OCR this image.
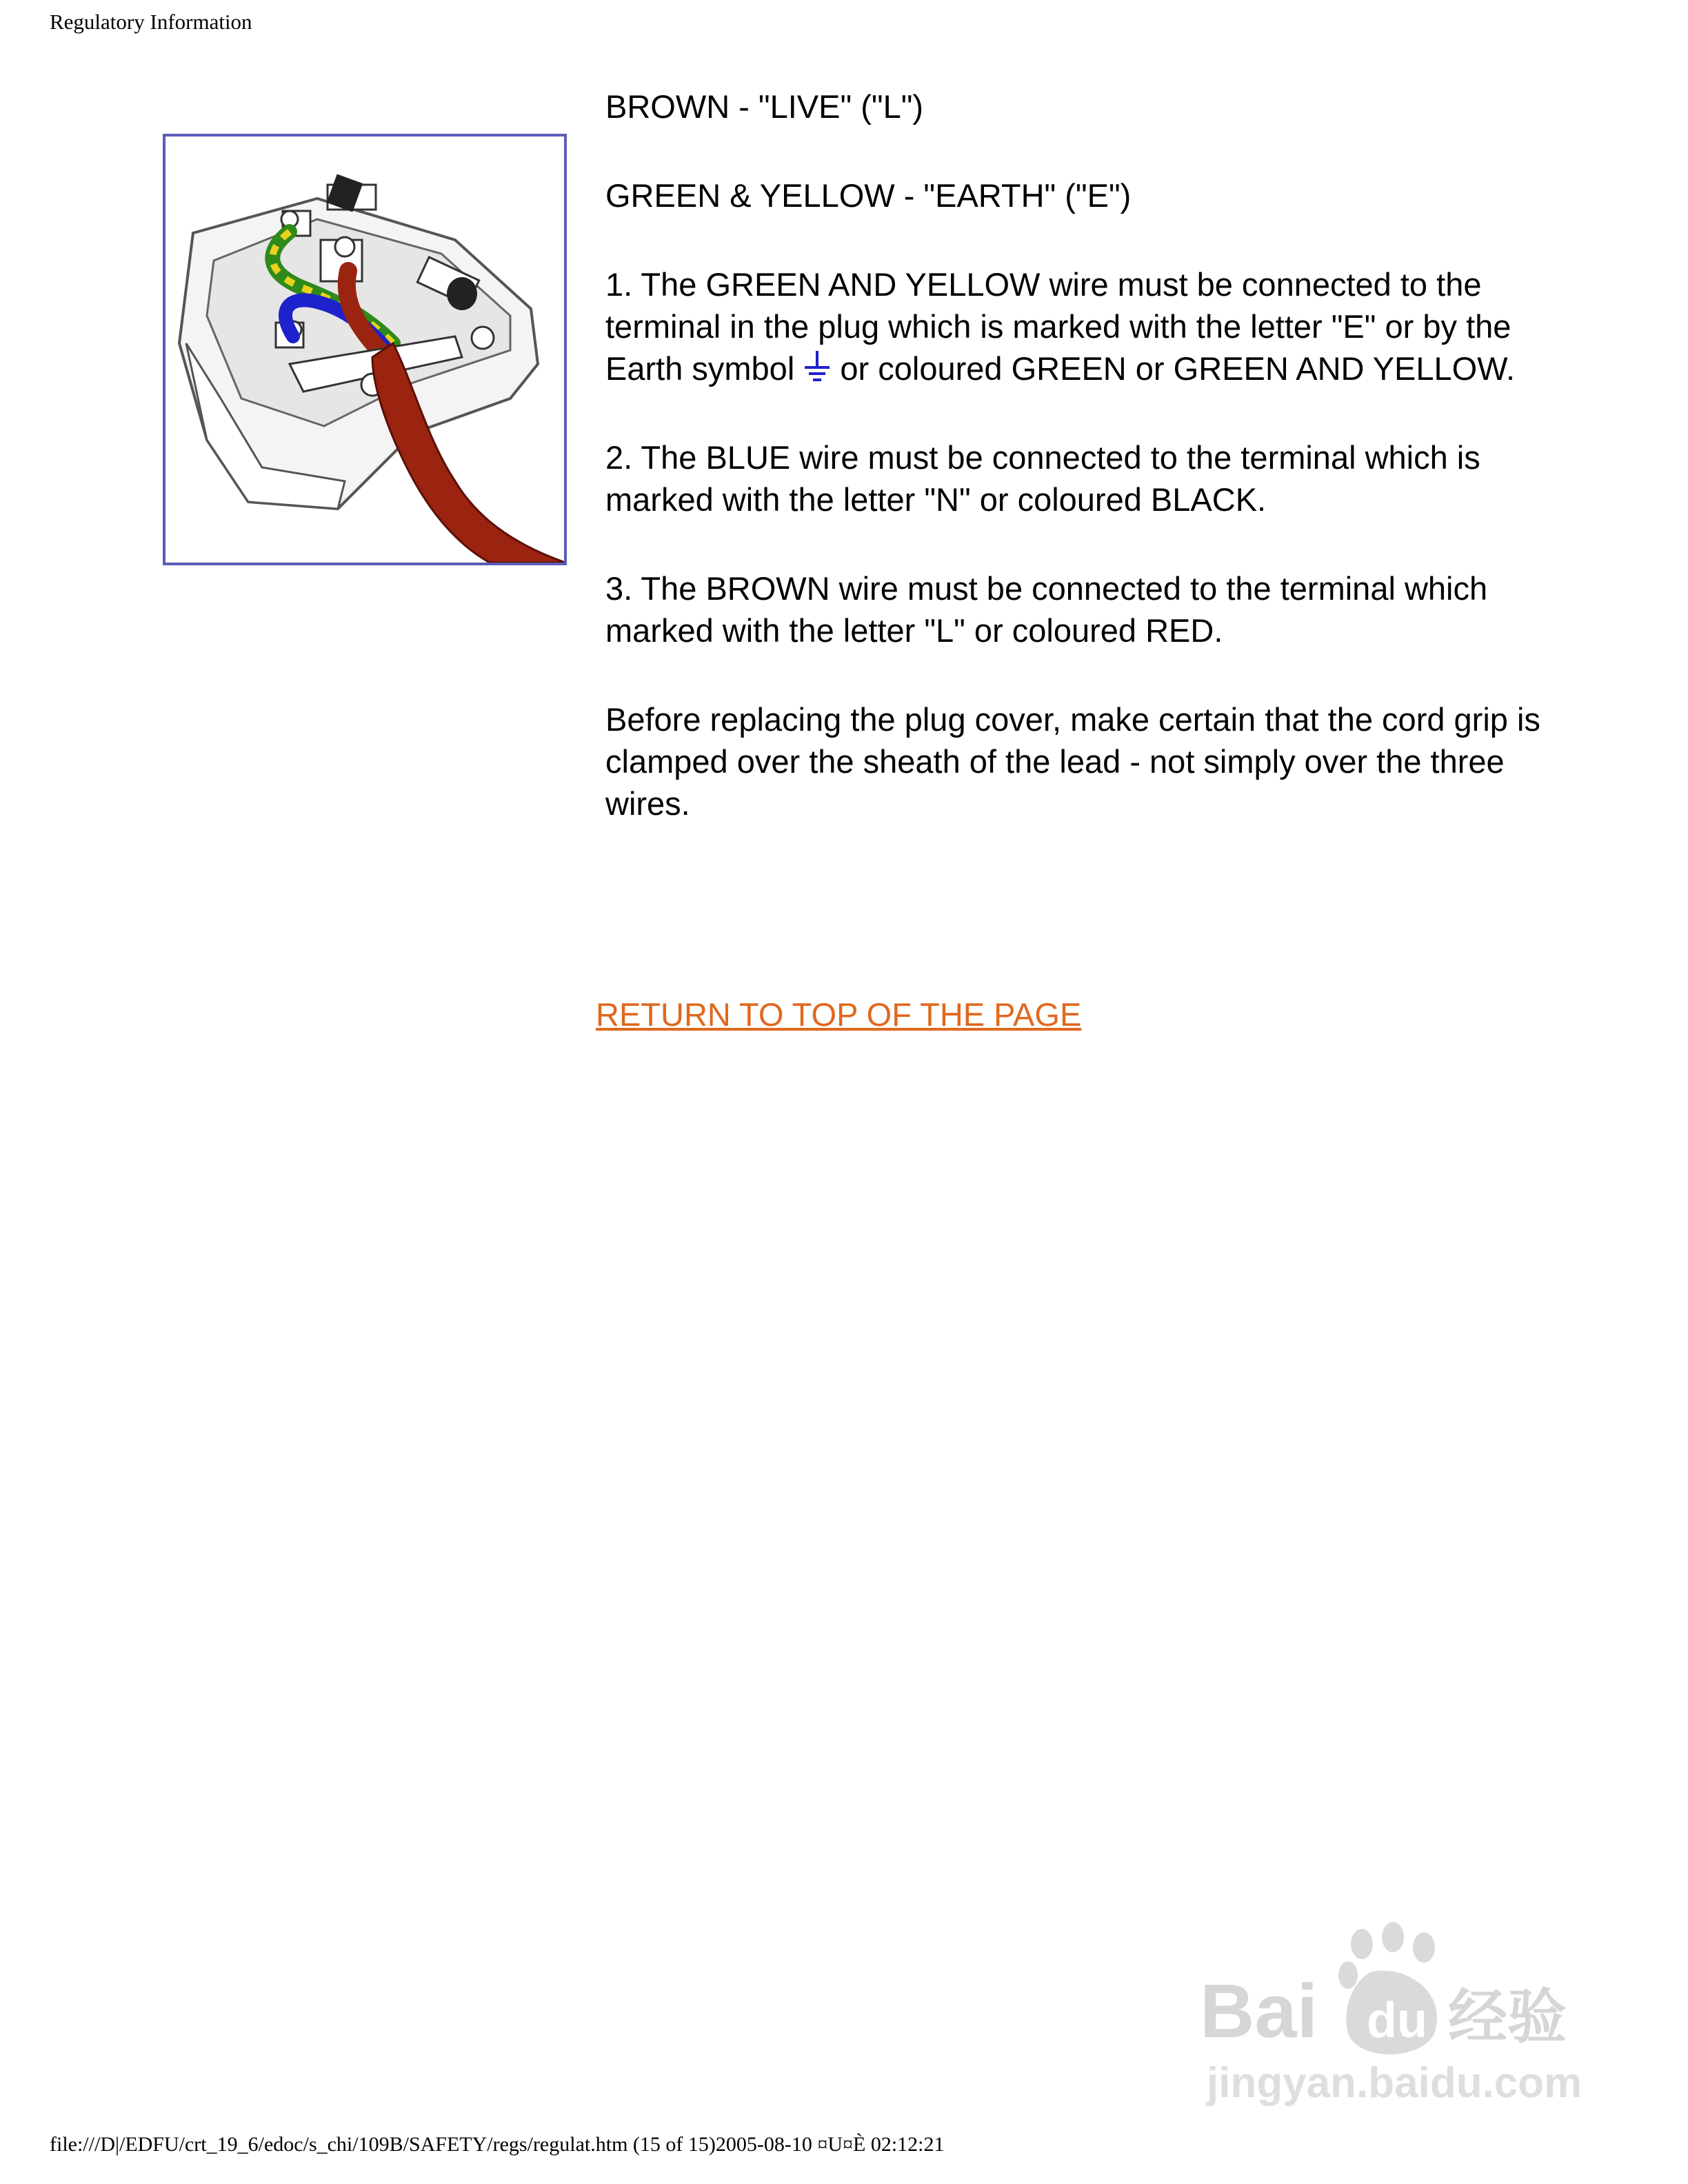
Regulatory Information

BROWN - "LIVE" ("L")

GREEN & YELLOW - "EARTH" ("E")

1. The GREEN AND YELLOW wire must be connected to the terminal in the plug which is marked with the letter "E" or by the Earth symbol  or coloured GREEN or GREEN AND YELLOW.

2. The BLUE wire must be connected to the terminal which is marked with the letter "N" or coloured BLACK.

3. The BROWN wire must be connected to the terminal which marked with the letter "L" or coloured RED.

Before replacing the plug cover, make certain that the cord grip is clamped over the sheath of the lead - not simply over the three wires.

RETURN TO TOP OF THE PAGE
Bai du 经验
jingyan.baidu.com
file:///D|/EDFU/crt_19_6/edoc/s_chi/109B/SAFETY/regs/regulat.htm (15 of 15)2005-08-10 ¤U¤È 02:12:21
